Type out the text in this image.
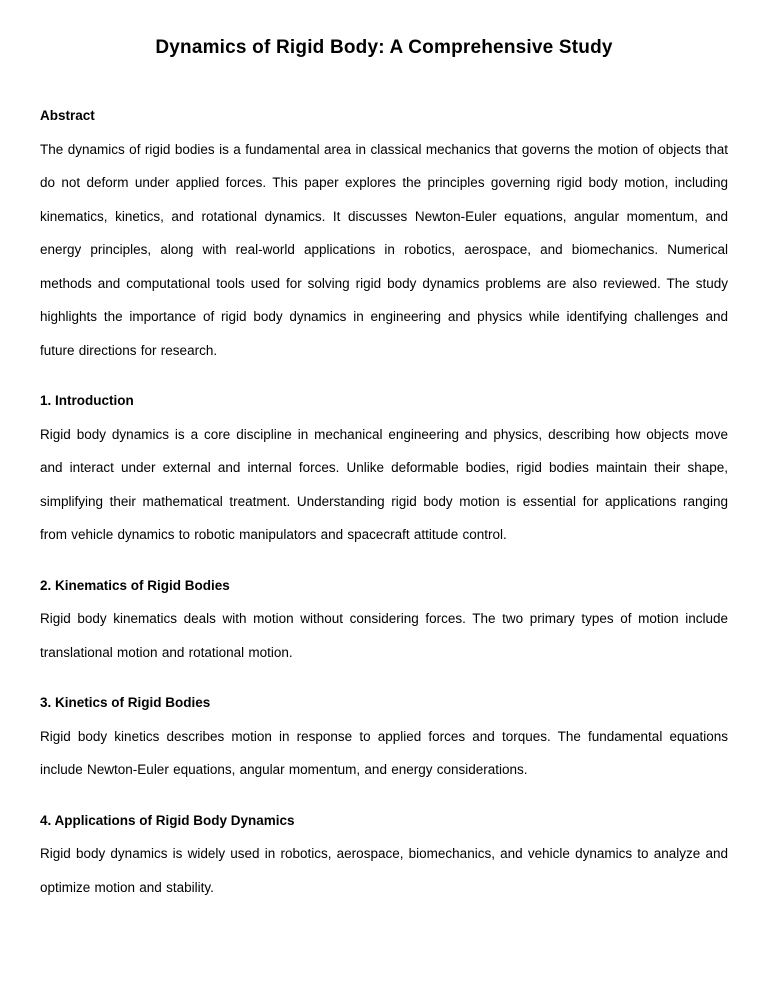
Dynamics of Rigid Body: A Comprehensive Study
Abstract

The dynamics of rigid bodies is a fundamental area in classical mechanics that governs the motion of objects that do not deform under applied forces. This paper explores the principles governing rigid body motion, including kinematics, kinetics, and rotational dynamics. It discusses Newton-Euler equations, angular momentum, and energy principles, along with real-world applications in robotics, aerospace, and biomechanics. Numerical methods and computational tools used for solving rigid body dynamics problems are also reviewed. The study highlights the importance of rigid body dynamics in engineering and physics while identifying challenges and future directions for research.

1. Introduction

Rigid body dynamics is a core discipline in mechanical engineering and physics, describing how objects move and interact under external and internal forces. Unlike deformable bodies, rigid bodies maintain their shape, simplifying their mathematical treatment. Understanding rigid body motion is essential for applications ranging from vehicle dynamics to robotic manipulators and spacecraft attitude control.

2. Kinematics of Rigid Bodies

Rigid body kinematics deals with motion without considering forces. The two primary types of motion include translational motion and rotational motion.

3. Kinetics of Rigid Bodies

Rigid body kinetics describes motion in response to applied forces and torques. The fundamental equations include Newton-Euler equations, angular momentum, and energy considerations.

4. Applications of Rigid Body Dynamics

Rigid body dynamics is widely used in robotics, aerospace, biomechanics, and vehicle dynamics to analyze and optimize motion and stability.
